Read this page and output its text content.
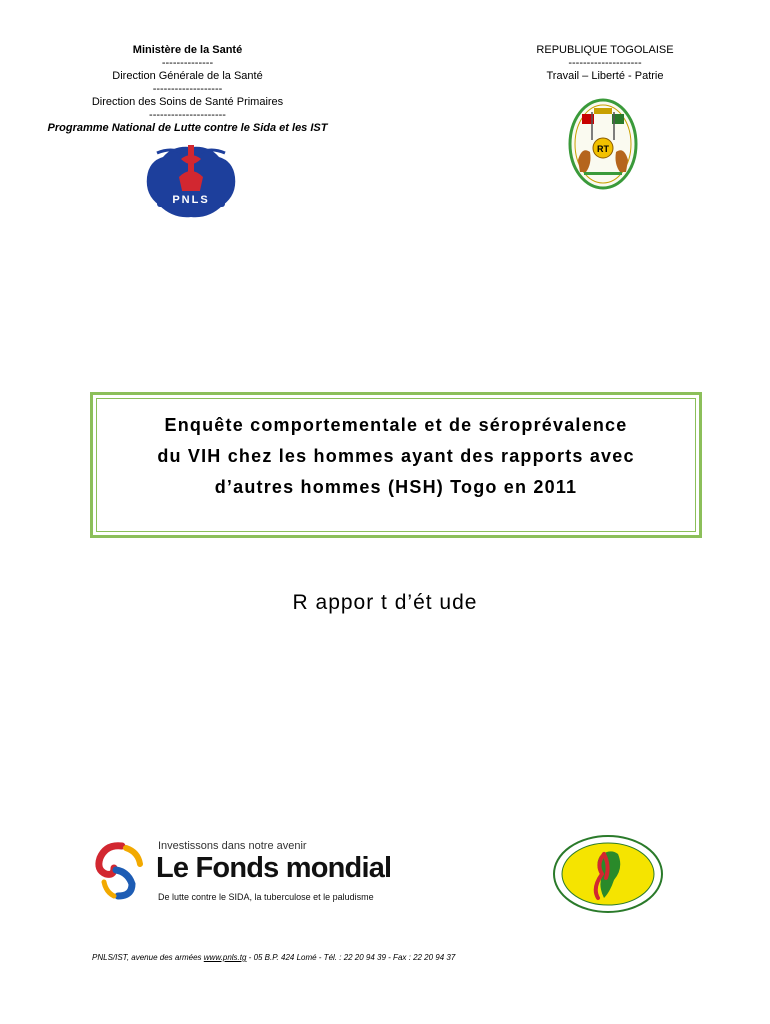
Ministère de la Santé
--------------
Direction Générale de la Santé
-------------------
Direction des Soins de Santé Primaires
---------------------
Programme National de Lutte contre le Sida et les IST
REPUBLIQUE TOGOLAISE
--------------------
Travail – Liberté - Patrie
PNLS
RT
Enquête comportementale et de séroprévalence
du VIH chez les hommes ayant des rapports avec
d’autres hommes (HSH) Togo en 2011
R appor t d’ét ude
Investissons dans notre avenir
Le Fonds mondial
De lutte contre le SIDA, la tuberculose et le paludisme
PNLS/IST, avenue des armées www.pnls.tg - 05 B.P. 424 Lomé - Tél. : 22 20 94 39 - Fax : 22 20 94 37
